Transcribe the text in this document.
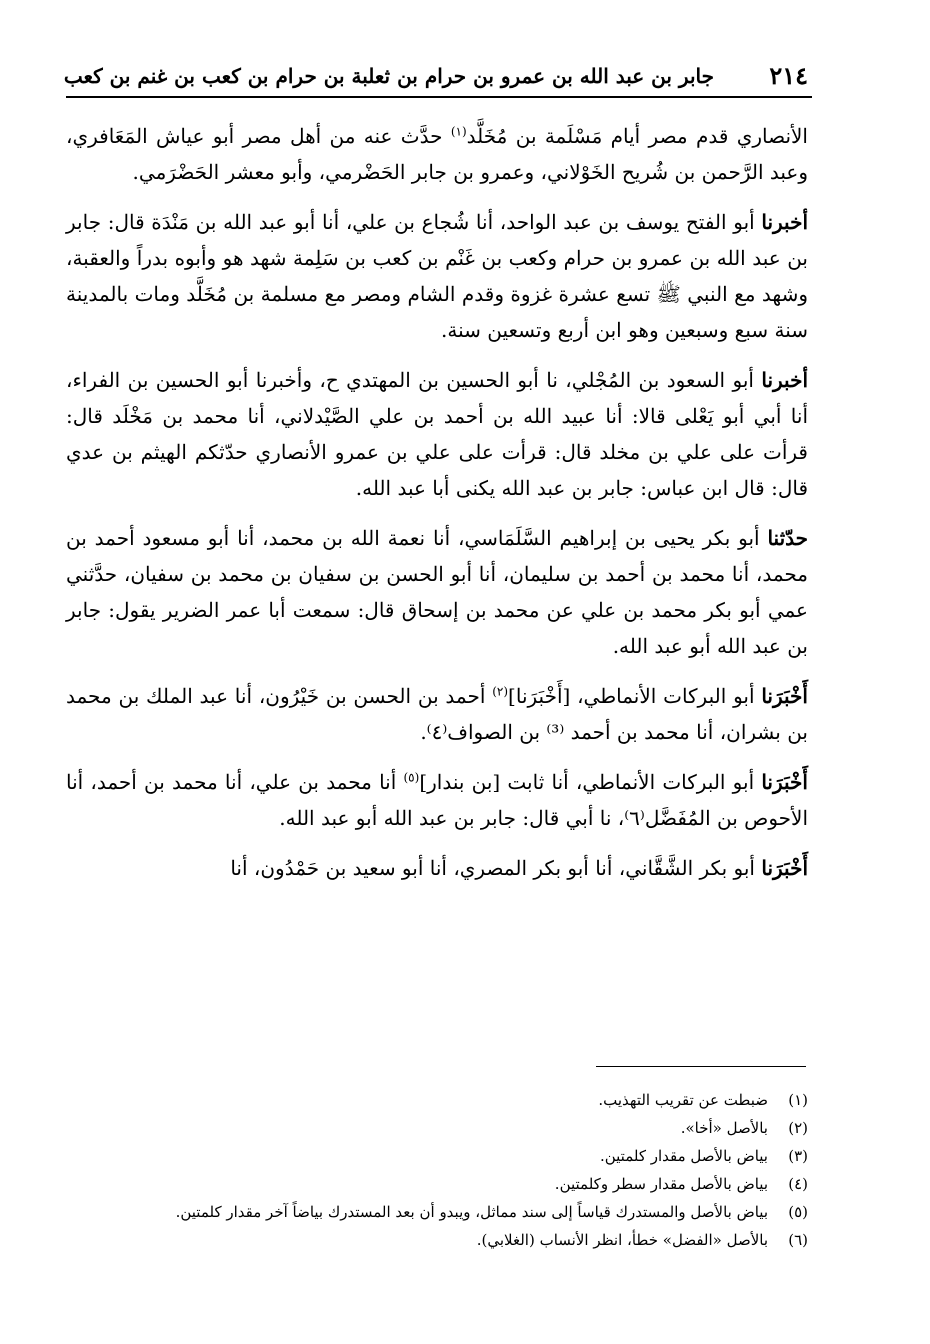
٢١٤
جابر بن عبد الله بن عمرو بن حرام بن ثعلبة بن حرام بن كعب بن غنم بن كعب

الأنصاري قدم مصر أيام مَسْلَمة بن مُخَلَّد$^{(١)}$ حدَّث عنه من أهل مصر أبو عياش المَعَافري، وعبد الرَّحمن بن شُريح الخَوْلاني، وعمرو بن جابر الحَضْرمي، وأبو معشر الحَضْرَمي.

أخبرنا أبو الفتح يوسف بن عبد الواحد، أنا شُجاع بن علي، أنا أبو عبد الله بن مَنْدَة قال: جابر بن عبد الله بن عمرو بن حرام وكعب بن غَنْم بن كعب بن سَلِمة شهد هو وأبوه بدراً والعقبة، وشهد مع النبي ﷺ تسع عشرة غزوة وقدم الشام ومصر مع مسلمة بن مُخَلَّد ومات بالمدينة سنة سبع وسبعين وهو ابن أربع وتسعين سنة.

أخبرنا أبو السعود بن المُجْلي، نا أبو الحسين بن المهتدي ح، وأخبرنا أبو الحسين بن الفراء، أنا أبي أبو يَعْلى قالا: أنا عبيد الله بن أحمد بن علي الصَّيْدلاني، أنا محمد بن مَخْلَد قال: قرأت على علي بن مخلد قال: قرأت على علي بن عمرو الأنصاري حدّثكم الهيثم بن عدي قال: قال ابن عباس: جابر بن عبد الله يكنى أبا عبد الله.

حدّثنا أبو بكر يحيى بن إبراهيم السَّلَمَاسي، أنا نعمة الله بن محمد، أنا أبو مسعود أحمد بن محمد، أنا محمد بن أحمد بن سليمان، أنا أبو الحسن بن سفيان بن محمد بن سفيان، حدَّثني عمي أبو بكر محمد بن علي عن محمد بن إسحاق قال: سمعت أبا عمر الضرير يقول: جابر بن عبد الله أبو عبد الله.

أَخْبَرَنا أبو البركات الأنماطي، [أَخْبَرَنا]$^{(٢)}$ أحمد بن الحسن بن خَيْرُون، أنا عبد الملك بن محمد بن بشران، أنا محمد بن أحمد ⁽³⁾ بن الصواف⁽٤⁾.

أَخْبَرَنا أبو البركات الأنماطي، أنا ثابت [بن بندار]$^{(٥)}$ أنا محمد بن علي، أنا محمد بن أحمد، أنا الأحوص بن المُفَضَّل⁽٦⁾، نا أبي قال: جابر بن عبد الله أبو عبد الله.

أَخْبَرَنا أبو بكر الشَّقَّاني، أنا أبو بكر المصري، أنا أبو سعيد بن حَمْدُون، أنا

(١)
ضبطت عن تقريب التهذيب.
(٢)
بالأصل «أخا».
(٣)
بياض بالأصل مقدار كلمتين.
(٤)
بياض بالأصل مقدار سطر وكلمتين.
(٥)
بياض بالأصل والمستدرك قياساً إلى سند مماثل، ويبدو أن بعد المستدرك بياضاً آخر مقدار كلمتين.
(٦)
بالأصل «الفضل» خطأ، انظر الأنساب (الغلابي).
